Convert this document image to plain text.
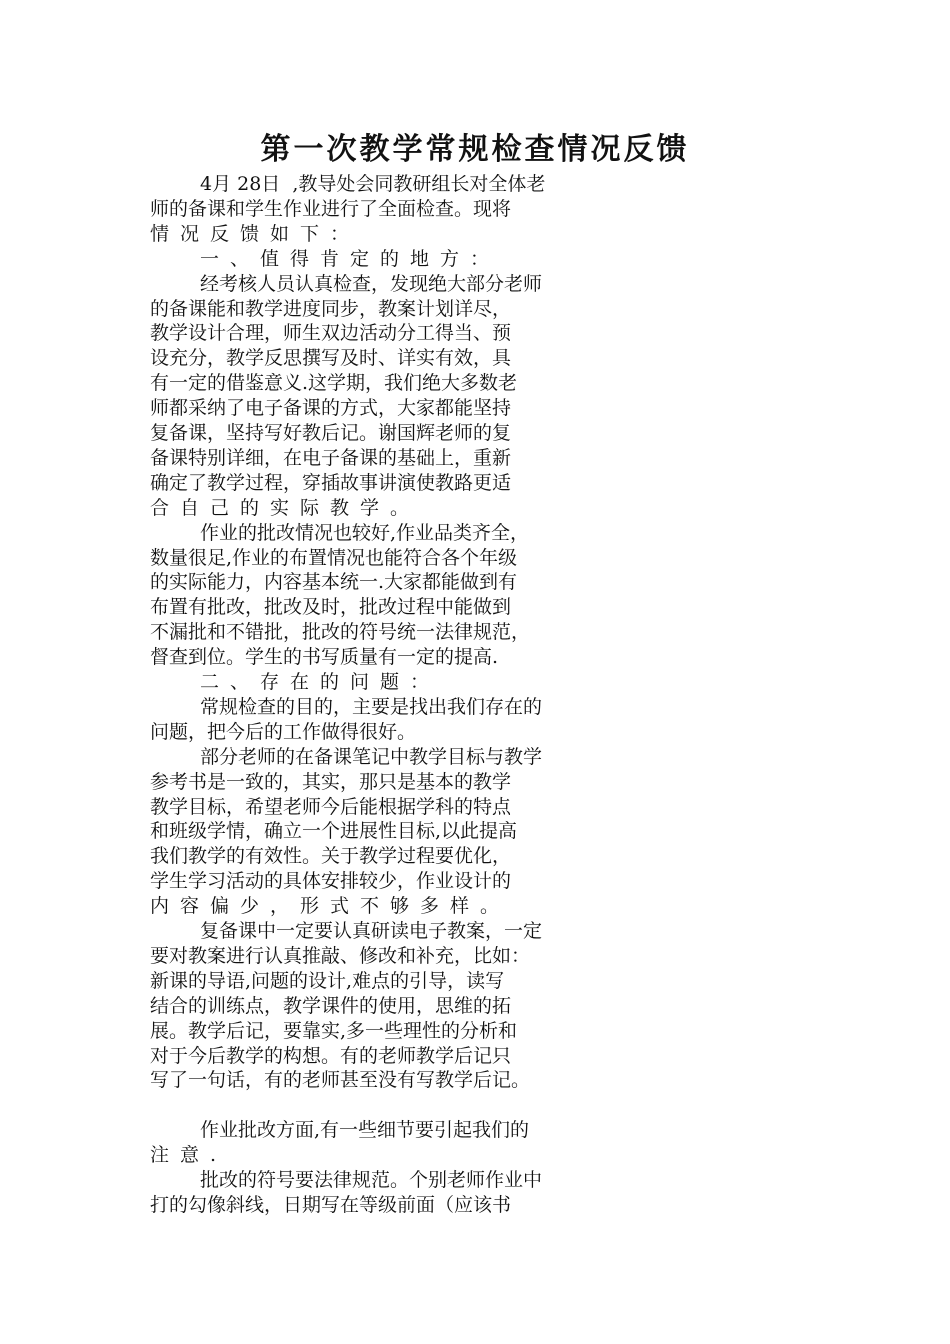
第一次教学常规检查情况反馈
4月 28日  ,教导处会同教研组长对全体老
师的备课和学生作业进行了全面检查。现将
情况反馈如下：
一、值得肯定的地方：
经考核人员认真检查，发现绝大部分老师
的备课能和教学进度同步，教案计划详尽，
教学设计合理，师生双边活动分工得当、预
设充分，教学反思撰写及时、详实有效，具
有一定的借鉴意义.这学期，我们绝大多数老
师都采纳了电子备课的方式，大家都能坚持
复备课，坚持写好教后记。谢国辉老师的复
备课特别详细，在电子备课的基础上，重新
确定了教学过程，穿插故事讲演使教路更适
合自己的实际教学。
作业的批改情况也较好,作业品类齐全，
数量很足,作业的布置情况也能符合各个年级
的实际能力，内容基本统一.大家都能做到有
布置有批改，批改及时，批改过程中能做到
不漏批和不错批，批改的符号统一法律规范，
督查到位。学生的书写质量有一定的提高.
二、存在的问题：
常规检查的目的，主要是找出我们存在的
问题，把今后的工作做得很好。
部分老师的在备课笔记中教学目标与教学
参考书是一致的，其实，那只是基本的教学
教学目标，希望老师今后能根据学科的特点
和班级学情，确立一个进展性目标,以此提高
我们教学的有效性。关于教学过程要优化，
学生学习活动的具体安排较少，作业设计的
内容偏少，形式不够多样。
复备课中一定要认真研读电子教案，一定
要对教案进行认真推敲、修改和补充，比如：
新课的导语,问题的设计,难点的引导，读写
结合的训练点，教学课件的使用，思维的拓
展。教学后记，要靠实,多一些理性的分析和
对于今后教学的构想。有的老师教学后记只
写了一句话，有的老师甚至没有写教学后记。
作业批改方面,有一些细节要引起我们的
注意.
批改的符号要法律规范。个别老师作业中
打的勾像斜线，日期写在等级前面（应该书
